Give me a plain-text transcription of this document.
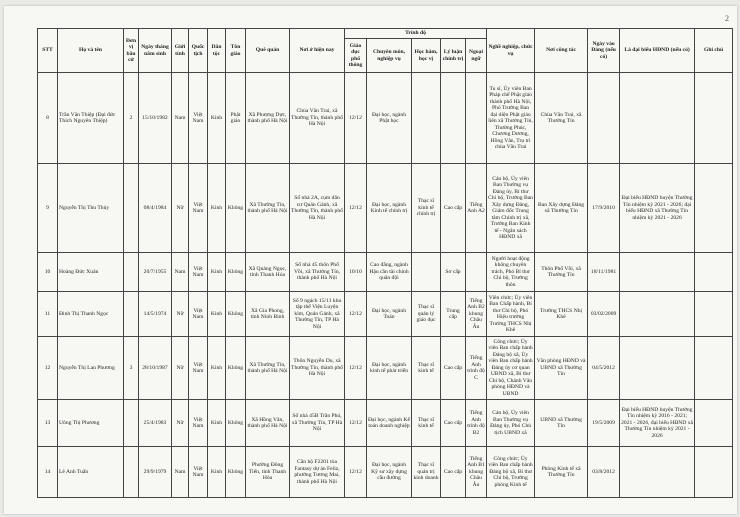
2
STT	Họ và tên	Đơn vị bầu cử	Ngày tháng năm sinh	Giới tính	Quốc tịch	Dân tộc	Tôn giáo	Quê quán	Nơi ở hiện nay	Trình độ					Nghề nghiệp, chức vụ	Nơi công tác	Ngày vào Đảng (nếu có)	Là đại biểu HĐND (nếu có)	Ghi chú
										Giáo dục phổ thông	Chuyên môn, nghiệp vụ	Học hàm, học vị	Lý luận chính trị	Ngoại ngữ					
8	Trần Văn Thiệp (Đại đức Thích Nguyên Thiệp)	2	15/10/1982	Nam	Việt Nam	Kinh	Phật giáo	Xã Phượng Dực, thành phố Hà Nội	Chùa Văn Trai, xã Thường Tín, thành phố Hà Nội	12/12	Đại học, ngành Phật học				Tu sĩ, Ủy viên Ban Pháp chế Phật giáo thành phố Hà Nội, Phó Trưởng Ban đại diện Phật giáo liên xã Thường Tín, Thường Phúc, Chương Dương, Hồng Vân, Trụ trì chùa Văn Trai	Chùa Văn Trai, xã Thường Tín			
9	Nguyễn Thị Thu Thủy		08/4/1984	Nữ	Việt Nam	Kinh	Không	Xã Thường Tín, thành phố Hà Nội	Số nhà 2A, cụm dân cư Quán Gánh, xã Thường Tín, thành phố Hà Nội	12/12	Đại học, ngành Kinh tế chính trị	Thạc sĩ kinh tế chính trị	Cao cấp	Tiếng Anh A2	Cán bộ, Ủy viên Ban Thường vụ Đảng ủy, Bí thư Chi bộ, Trưởng Ban Xây dựng Đảng, Giám đốc Trung tâm Chính trị xã, Trưởng Ban Kinh tế - Ngân sách HĐND xã	Ban Xây dựng Đảng xã Thường Tín	17/9/2010	Đại biểu HĐND huyện Thường Tín nhiệm kỳ 2021 - 2026; đại biểu HĐND xã Thường Tín nhiệm kỳ 2021 - 2026	
10	Hoàng Đức Xuân		20/7/1955	Nam	Việt Nam	Kinh	Không	Xã Quảng Ngọc, tỉnh Thanh Hóa	Số nhà 45 thôn Phố Vồi, xã Thường Tín, thành phố Hà Nội	10/10	Cao đẳng, ngành Hậu cần tài chính quân đội		Sơ cấp		Người hoạt động không chuyên trách, Phó Bí thư Chi bộ, Trưởng thôn	Thôn Phố Vồi, xã Thường Tín	18/11/1981		
11	Đinh Thị Thanh Ngọc		14/5/1974	Nữ	Việt Nam	Kinh	Không	Xã Gia Phong, tỉnh Ninh Bình	Số 9 ngách 15/11 khu tập thể Viện Luyện kim, Quán Gánh, xã Thường Tín, TP Hà Nội	12/12	Đại học, ngành Toán	Thạc sĩ quản lý giáo dục	Trung cấp	Tiếng Anh B2 khung Châu Âu	Viên chức; Ủy viên Ban Chấp hành, Bí thư Chi bộ, Phó Hiệu trưởng Trường THCS Nhị Khê	Trường THCS Nhị Khê	03/02/2009		
12	Nguyễn Thị Lan Phương	3	28/10/1987	Nữ	Việt Nam	Kinh	Không	Xã Thường Tín, thành phố Hà Nội	Thôn Nguyễn Du, xã Thường Tín, thành phố Hà Nội	12/12	Đại học, ngành kinh tế phát triển	Thạc sĩ kinh tế	Cao cấp	Tiếng Anh trình độ C	Công chức; Ủy viên Ban chấp hành Đảng bộ xã, Ủy viên Ban chấp hành Đảng ủy cơ quan UBND xã, Bí thư Chi bộ, Chánh Văn phòng HĐND và UBND	Văn phòng HĐND và UBND xã Thường Tín	04/5/2012		
13	Uông Thị Phương		25/4/1983	Nữ	Việt Nam	Kinh	Không	Xã Hồng Vân, thành phố Hà Nội	Số nhà 45B Trần Phú, xã Thường Tín, TP Hà Nội	12/12	Đại học, ngành Kế toán doanh nghiệp	Thạc sĩ kinh tế	Cao cấp	Tiếng Anh trình độ B2	Cán bộ, Ủy viên Ban Thường vụ Đảng ủy, Phó Chủ tịch UBND xã	UBND xã Thường Tín	19/5/2009	Đại biểu HĐND huyện Thường Tín nhiệm kỳ 2016 - 2021; 2021 - 2026, đại biểu HĐND xã Thường Tín nhiệm kỳ 2021 - 2026	
14	Lê Anh Tuấn		29/9/1979	Nam	Việt Nam	Kinh	Không	Phường Đông Tiến, tỉnh Thanh Hóa	Căn hộ F2201 tòa Fantasy dự án Feliz, phường Tương Mai, thành phố Hà Nội	12/12	Đại học, ngành Kỹ sư xây dựng cầu đường	Thạc sĩ quản trị kinh doanh	Cao cấp	Tiếng Anh B1 khung Châu Âu	Công chức; Ủy viên Ban chấp hành Đảng bộ xã, Bí thư Chi bộ, Trưởng phòng Kinh tế	Phòng Kinh tế xã Thường Tín	03/8/2012		
